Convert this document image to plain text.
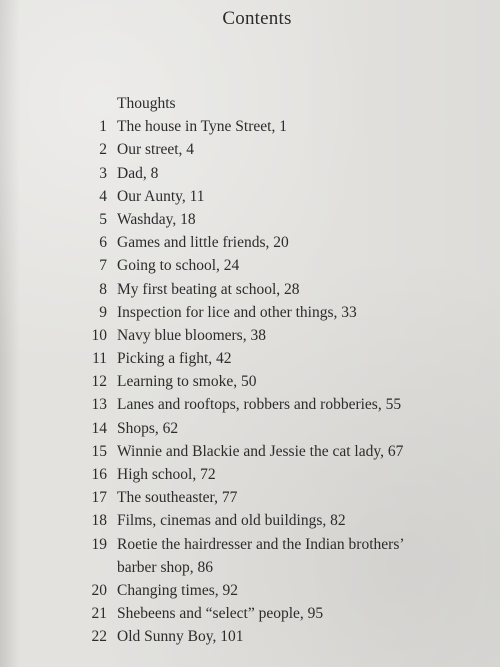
Contents
Thoughts
1 The house in Tyne Street, 1
2 Our street, 4
3 Dad, 8
4 Our Aunty, 11
5 Washday, 18
6 Games and little friends, 20
7 Going to school, 24
8 My first beating at school, 28
9 Inspection for lice and other things, 33
10 Navy blue bloomers, 38
11 Picking a fight, 42
12 Learning to smoke, 50
13 Lanes and rooftops, robbers and robberies, 55
14 Shops, 62
15 Winnie and Blackie and Jessie the cat lady, 67
16 High school, 72
17 The southeaster, 77
18 Films, cinemas and old buildings, 82
19 Roetie the hairdresser and the Indian brothers’
barber shop, 86
20 Changing times, 92
21 Shebeens and “select” people, 95
22 Old Sunny Boy, 101
